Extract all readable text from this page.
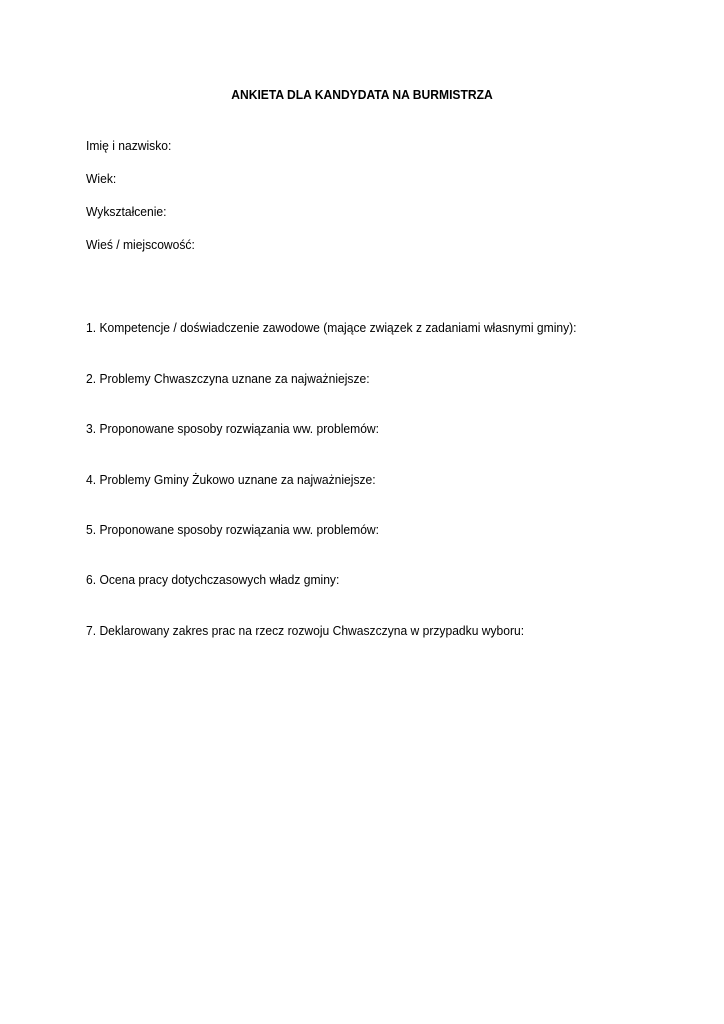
ANKIETA DLA KANDYDATA NA BURMISTRZA
Imię i nazwisko:
Wiek:
Wykształcenie:
Wieś / miejscowość:
1. Kompetencje / doświadczenie zawodowe (mające związek z zadaniami własnymi gminy):
2. Problemy Chwaszczyna uznane za najważniejsze:
3. Proponowane sposoby rozwiązania ww. problemów:
4. Problemy Gminy Żukowo uznane za najważniejsze:
5. Proponowane sposoby rozwiązania ww. problemów:
6. Ocena pracy dotychczasowych władz gminy:
7. Deklarowany zakres prac na rzecz rozwoju Chwaszczyna w przypadku wyboru:
